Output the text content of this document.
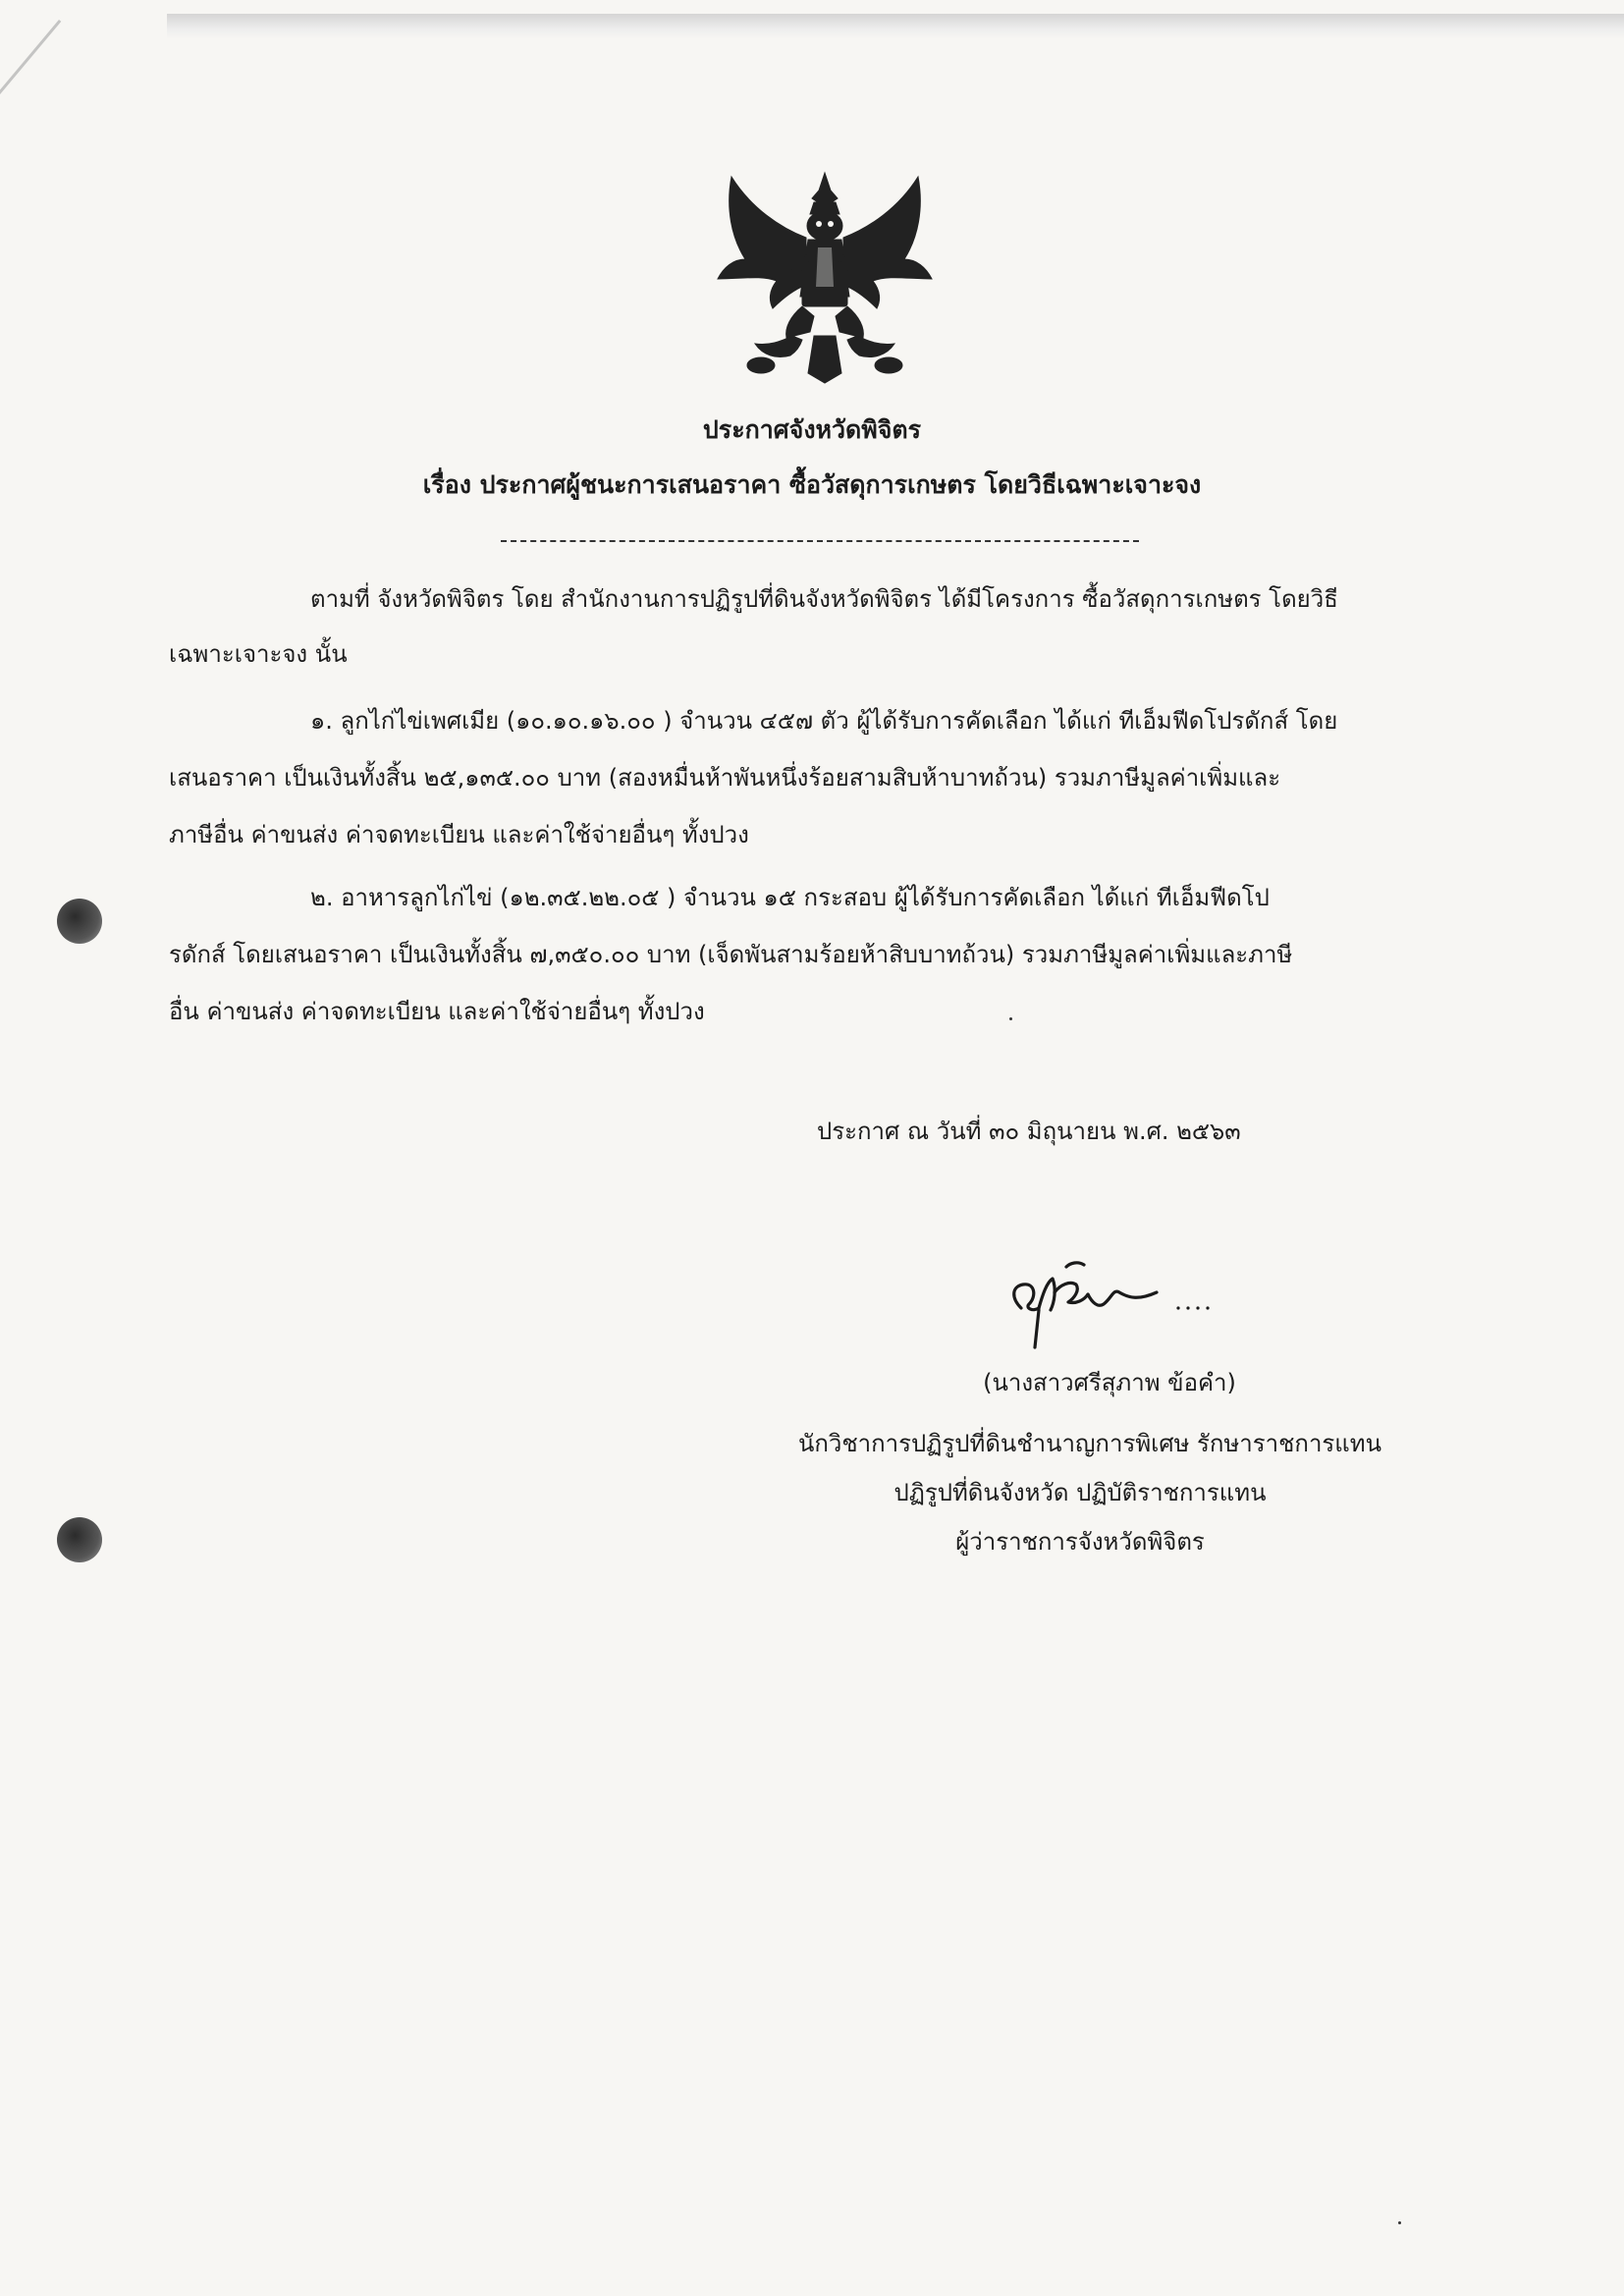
ประกาศจังหวัดพิจิตร
เรื่อง ประกาศผู้ชนะการเสนอราคา ซื้อวัสดุการเกษตร โดยวิธีเฉพาะเจาะจง
ตามที่ จังหวัดพิจิตร โดย สำนักงานการปฏิรูปที่ดินจังหวัดพิจิตร ได้มีโครงการ ซื้อวัสดุการเกษตร โดยวิธี
เฉพาะเจาะจง นั้น
๑. ลูกไก่ไข่เพศเมีย (๑๐.๑๐.๑๖.๐๐ ) จำนวน ๔๕๗ ตัว ผู้ได้รับการคัดเลือก ได้แก่ ทีเอ็มฟีดโปรดักส์ โดย
เสนอราคา เป็นเงินทั้งสิ้น ๒๕,๑๓๕.๐๐ บาท (สองหมื่นห้าพันหนึ่งร้อยสามสิบห้าบาทถ้วน) รวมภาษีมูลค่าเพิ่มและ
ภาษีอื่น ค่าขนส่ง ค่าจดทะเบียน และค่าใช้จ่ายอื่นๆ ทั้งปวง
๒. อาหารลูกไก่ไข่ (๑๒.๓๕.๒๒.๐๕ ) จำนวน ๑๕ กระสอบ ผู้ได้รับการคัดเลือก ได้แก่ ทีเอ็มฟีดโป
รดักส์ โดยเสนอราคา เป็นเงินทั้งสิ้น ๗,๓๕๐.๐๐ บาท (เจ็ดพันสามร้อยห้าสิบบาทถ้วน) รวมภาษีมูลค่าเพิ่มและภาษี
อื่น ค่าขนส่ง ค่าจดทะเบียน และค่าใช้จ่ายอื่นๆ ทั้งปวง
ประกาศ ณ วันที่ ๓๐ มิถุนายน พ.ศ. ๒๕๖๓
(นางสาวศรีสุภาพ ข้อคำ)
นักวิชาการปฏิรูปที่ดินชำนาญการพิเศษ รักษาราชการแทน
ปฏิรูปที่ดินจังหวัด ปฏิบัติราชการแทน
ผู้ว่าราชการจังหวัดพิจิตร
